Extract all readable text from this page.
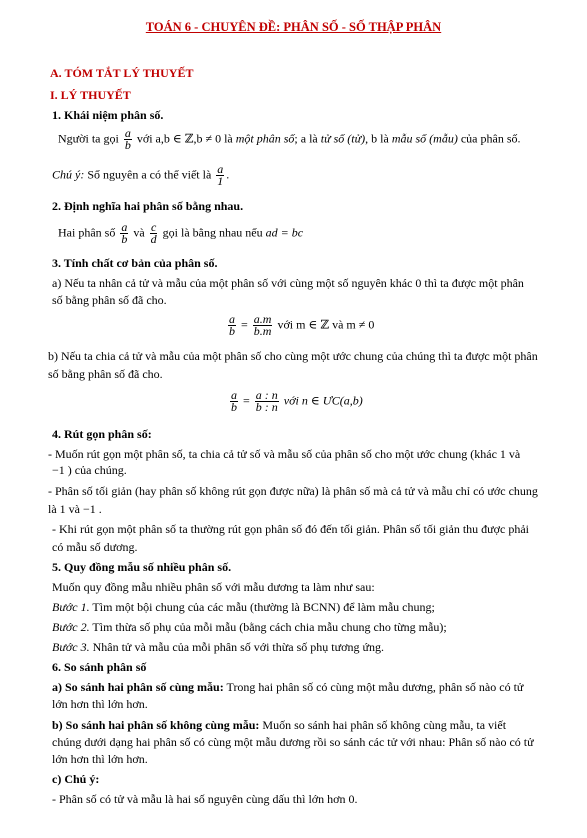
TOÁN 6 - CHUYÊN ĐỀ: PHÂN SỐ - SỐ THẬP PHÂN
A. TÓM TẮT LÝ THUYẾT
I. LÝ THUYẾT
1. Khái niệm phân số.
Người ta gọi $\frac{a}{b}$ với a,b ∈ ℤ,b ≠ 0 là một phân số; a là tử số (tử), b là mẫu số (mẫu) của phân số.
Chú ý: Số nguyên a có thể viết là $\frac{a}{1}$ .
2. Định nghĩa hai phân số bằng nhau.
Hai phân số $\frac{a}{b}$ và $\frac{c}{d}$ gọi là bằng nhau nếu ad = bc
3. Tính chất cơ bản của phân số.
a) Nếu ta nhân cả tử và mẫu của một phân số với cùng một số nguyên khác 0 thì ta được một phân
số bằng phân số đã cho.
$\frac{a}{b} = \frac{a.m}{b.m}$ với m ∈ ℤ và m ≠ 0
b) Nếu ta chia cả tử và mẫu của một phân số cho cùng một ước chung của chúng thì ta được một phân
số bằng phân số đã cho.
$\frac{a}{b} = \frac{a : n}{b : n}$ với n ∈ ƯC(a,b)
4. Rút gọn phân số:
- Muốn rút gọn một phân số, ta chia cả tử số và mẫu số của phân số cho một ước chung (khác 1 và
−1 ) của chúng.
- Phân số tối giản (hay phân số không rút gọn được nữa) là phân số mà cả tử và mẫu chỉ có ước chung
là 1 và −1 .
- Khi rút gọn một phân số ta thường rút gọn phân số đó đến tối giản. Phân số tối giản thu được phải
có mẫu số dương.
5. Quy đồng mẫu số nhiều phân số.
Muốn quy đồng mẫu nhiều phân số với mẫu dương ta làm như sau:
Bước 1. Tìm một bội chung của các mẫu (thường là BCNN) để làm mẫu chung;
Bước 2. Tìm thừa số phụ của mỗi mẫu (bằng cách chia mẫu chung cho từng mẫu);
Bước 3. Nhân tử và mẫu của mỗi phân số với thừa số phụ tương ứng.
6. So sánh phân số
a) So sánh hai phân số cùng mẫu: Trong hai phân số có cùng một mẫu dương, phân số nào có tử
lớn hơn thì lớn hơn.
b) So sánh hai phân số không cùng mẫu: Muốn so sánh hai phân số không cùng mẫu, ta viết
chúng dưới dạng hai phân số có cùng một mẫu dương rồi so sánh các tử với nhau: Phân số nào có tử
lớn hơn thì lớn hơn.
c) Chú ý:
- Phân số có tử và mẫu là hai số nguyên cùng dấu thì lớn hơn 0.
